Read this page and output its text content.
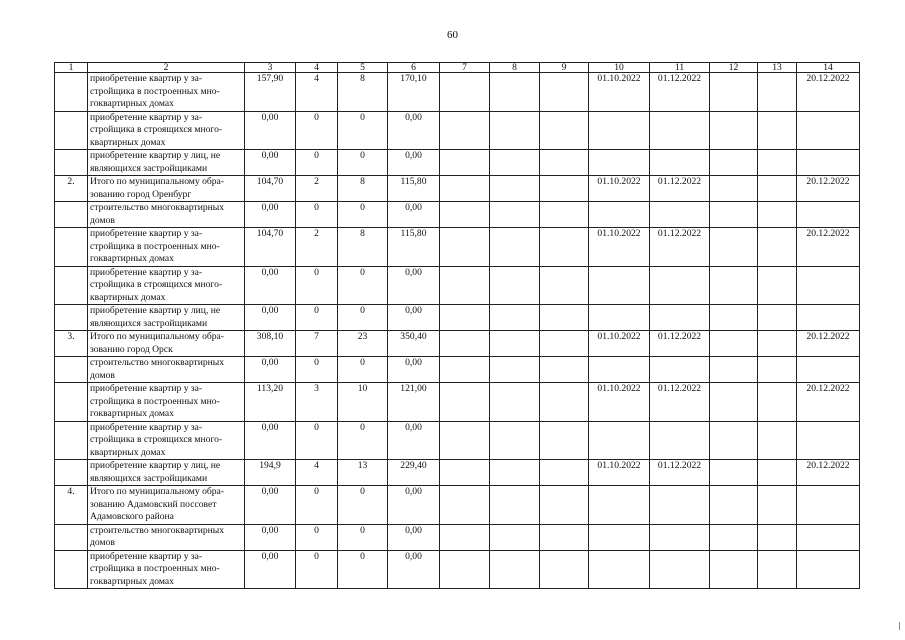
60
1	2	3	4	5	6	7	8	9	10	11	12	13	14
	приобретение квартир у за-стройщика в построенных мно-гоквартирных домах	157,90	4	8	170,10				01.10.2022	01.12.2022			20.12.2022
	приобретение квартир у за-стройщика в строящихся много-квартирных домах	0,00	0	0	0,00								
	приобретение квартир у лиц, не являющихся застройщиками	0,00	0	0	0,00								
2.	Итого по муниципальному обра-зованию город Оренбург	104,70	2	8	115,80				01.10.2022	01.12.2022			20.12.2022
	строительство многоквартирных домов	0,00	0	0	0,00								
	приобретение квартир у за-стройщика в построенных мно-гоквартирных домах	104,70	2	8	115,80				01.10.2022	01.12.2022			20.12.2022
	приобретение квартир у за-стройщика в строящихся много-квартирных домах	0,00	0	0	0,00								
	приобретение квартир у лиц, не являющихся застройщиками	0,00	0	0	0,00								
3.	Итого по муниципальному обра-зованию город Орск	308,10	7	23	350,40				01.10.2022	01.12.2022			20.12.2022
	строительство многоквартирных домов	0,00	0	0	0,00								
	приобретение квартир у за-стройщика в построенных мно-гоквартирных домах	113,20	3	10	121,00				01.10.2022	01.12.2022			20.12.2022
	приобретение квартир у за-стройщика в строящихся много-квартирных домах	0,00	0	0	0,00								
	приобретение квартир у лиц, не являющихся застройщиками	194,9	4	13	229,40				01.10.2022	01.12.2022			20.12.2022
4.	Итого по муниципальному обра-зованию Адамовский поссовет Адамовского района	0,00	0	0	0,00								
	строительство многоквартирных домов	0,00	0	0	0,00								
	приобретение квартир у за-стройщика в построенных мно-гоквартирных домах	0,00	0	0	0,00								
